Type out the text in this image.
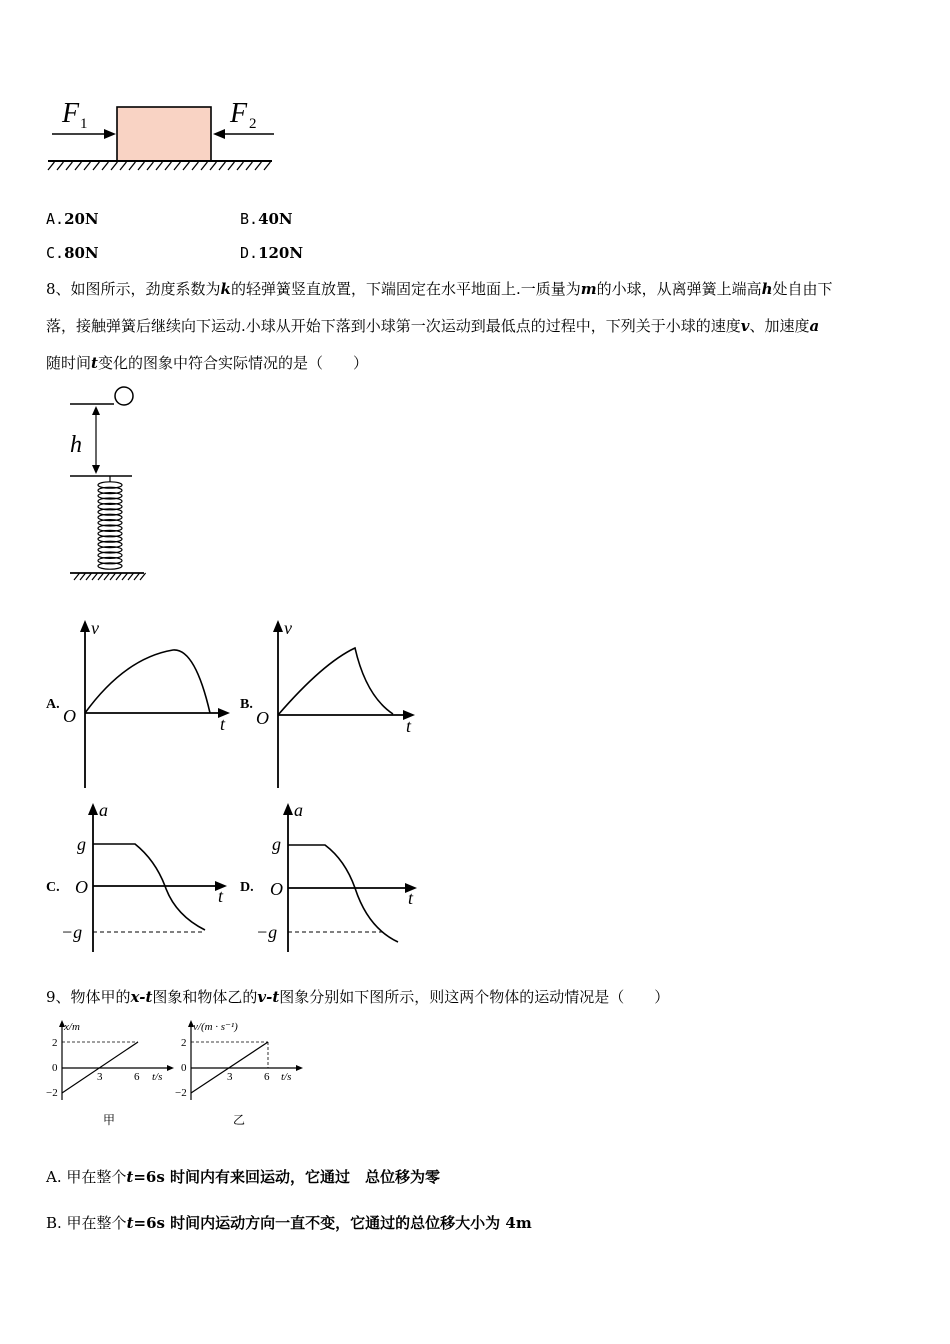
F 1	F 2
A.20N	B.40N
C.80N	D.120N
8、如图所示，劲度系数为k的轻弹簧竖直放置，下端固定在水平地面上.一质量为m的小球，从离弹簧上端高h处自由下
落，接触弹簧后继续向下运动.小球从开始下落到小球第一次运动到最低点的过程中，下列关于小球的速度v、加速度a
随时间t变化的图象中符合实际情况的是（　　）
h
A.
v
t
O
B.
v
t
O
C.
a
t
O
g
−g
D.
a
t
O
g
−g
9、物体甲的x-t图象和物体乙的v-t图象分别如下图所示，则这两个物体的运动情况是（　　）
x/m
t/s
2
0
−2
3	6
甲
v/(m · s⁻¹)
t/s
2
0
−2
3	6
乙
A. 甲在整个t=6s 时间内有来回运动，它通过　总位移为零
B. 甲在整个t=6s 时间内运动方向一直不变，它通过的总位移大小为 4m
